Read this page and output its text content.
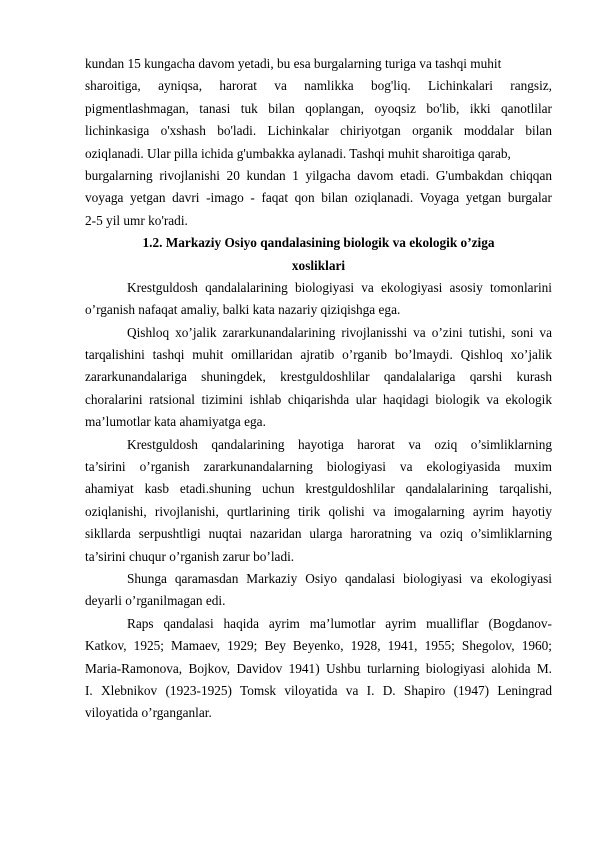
kundan 15 kungacha davom yetadi, bu esa burgalarning turiga va tashqi muhit
sharoitiga, ayniqsa, harorat va namlikka bog'liq. Lichinkalari rangsiz,
pigmentlashmagan, tanasi tuk bilan qoplangan, oyoqsiz bo'lib, ikki qanotlilar
lichinkasiga o'xshash bo'ladi. Lichinkalar chiriyotgan organik moddalar bilan
oziqlanadi. Ular pilla ichida g'umbakka aylanadi. Tashqi muhit sharoitiga qarab,
burgalarning rivojlanishi 20 kundan 1 yilgacha davom etadi. G'umbakdan chiqqan
voyaga yetgan davri -imago - faqat qon bilan oziqlanadi. Voyaga yetgan burgalar
2-5 yil umr ko'radi.
1.2. Markaziy Osiyo qandalasining biologik va ekologik o’ziga
xosliklari
Krestguldosh qandalalarining biologiyasi va ekologiyasi asosiy tomonlarini
o’rganish nafaqat amaliy, balki kata nazariy qiziqishga ega.
Qishloq xo’jalik zararkunandalarining rivojlanisshi va o’zini tutishi, soni va
tarqalishini tashqi muhit omillaridan ajratib o’rganib bo’lmaydi. Qishloq xo’jalik
zararkunandalariga shuningdek, krestguldoshlilar qandalalariga qarshi kurash
choralarini ratsional tizimini ishlab chiqarishda ular haqidagi biologik va ekologik
ma’lumotlar kata ahamiyatga ega.
Krestguldosh qandalarining hayotiga harorat va oziq o’simliklarning
ta’sirini o’rganish zararkunandalarning biologiyasi va ekologiyasida muxim
ahamiyat kasb etadi.shuning uchun krestguldoshlilar qandalalarining tarqalishi,
oziqlanishi, rivojlanishi, qurtlarining tirik qolishi va imogalarning ayrim hayotiy
sikllarda serpushtligi nuqtai nazaridan ularga haroratning va oziq o’simliklarning
ta’sirini chuqur o’rganish zarur bo’ladi.
Shunga qaramasdan Markaziy Osiyo qandalasi biologiyasi va ekologiyasi
deyarli o’rganilmagan edi.
Raps qandalasi haqida ayrim ma’lumotlar ayrim mualliflar (Bogdanov-
Katkov, 1925; Mamaev, 1929; Bey Beyenko, 1928, 1941, 1955; Shegolov, 1960;
Maria-Ramonova, Bojkov, Davidov 1941) Ushbu turlarning biologiyasi alohida M.
I. Xlebnikov (1923-1925) Tomsk viloyatida va I. D. Shapiro (1947) Leningrad
viloyatida o’rganganlar.
